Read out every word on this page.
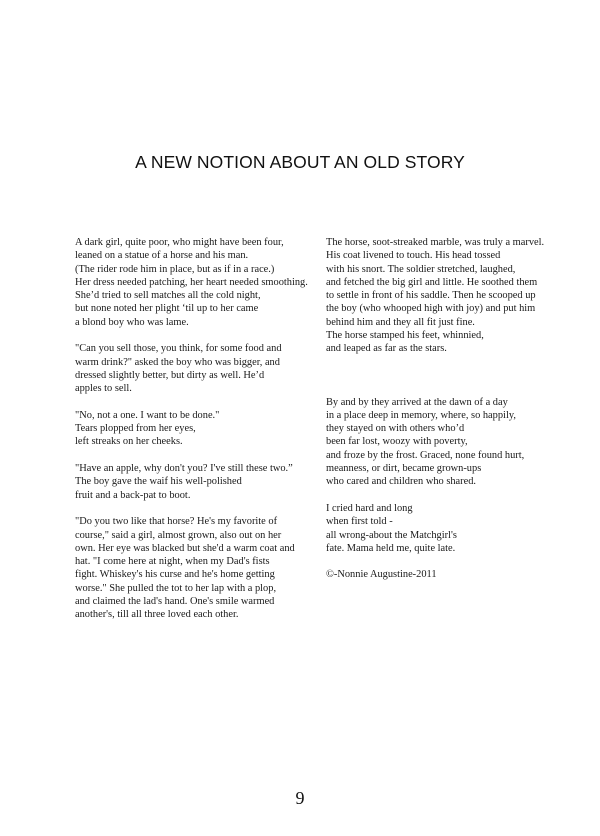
A NEW NOTION ABOUT AN OLD STORY
A dark girl, quite poor, who might have been four,
leaned on a statue of a horse and his man.
(The rider rode him in place, but as if in a race.)
Her dress needed patching, her heart needed smoothing.
She’d tried to sell matches all the cold night,
but none noted her plight ‘til up to her came
a blond boy who was lame.
"Can you sell those, you think, for some food and
warm drink?" asked the boy who was bigger, and
dressed slightly better, but dirty as well. He’d
apples to sell.
"No, not a one. I want to be done."
Tears plopped from her eyes,
left streaks on her cheeks.
"Have an apple, why don't you? I've still these two.”
The boy gave the waif his well-polished
fruit and a back-pat to boot.
"Do you two like that horse? He's my favorite of
course," said a girl, almost grown, also out on her
own. Her eye was blacked but she'd a warm coat and
hat. "I come here at night, when my Dad's fists
fight. Whiskey's his curse and he's home getting
worse." She pulled the tot to her lap with a plop,
and claimed the lad's hand. One's smile warmed
another's, till all three loved each other.
The horse, soot-streaked marble, was truly a marvel.
His coat livened to touch. His head tossed
with his snort. The soldier stretched, laughed,
and fetched the big girl and little. He soothed them
to settle in front of his saddle. Then he scooped up
the boy (who whooped high with joy) and put him
behind him and they all fit just fine.
The horse stamped his feet, whinnied,
and leaped as far as the stars.

By and by they arrived at the dawn of a day
in a place deep in memory, where, so happily,
they stayed on with others who’d
been far lost, woozy with poverty,
and froze by the frost. Graced, none found hurt,
meanness, or dirt, became grown-ups
who cared and children who shared.
I cried hard and long
when first told -
all wrong-about the Matchgirl's
fate. Mama held me, quite late.
©-Nonnie Augustine-2011
9
